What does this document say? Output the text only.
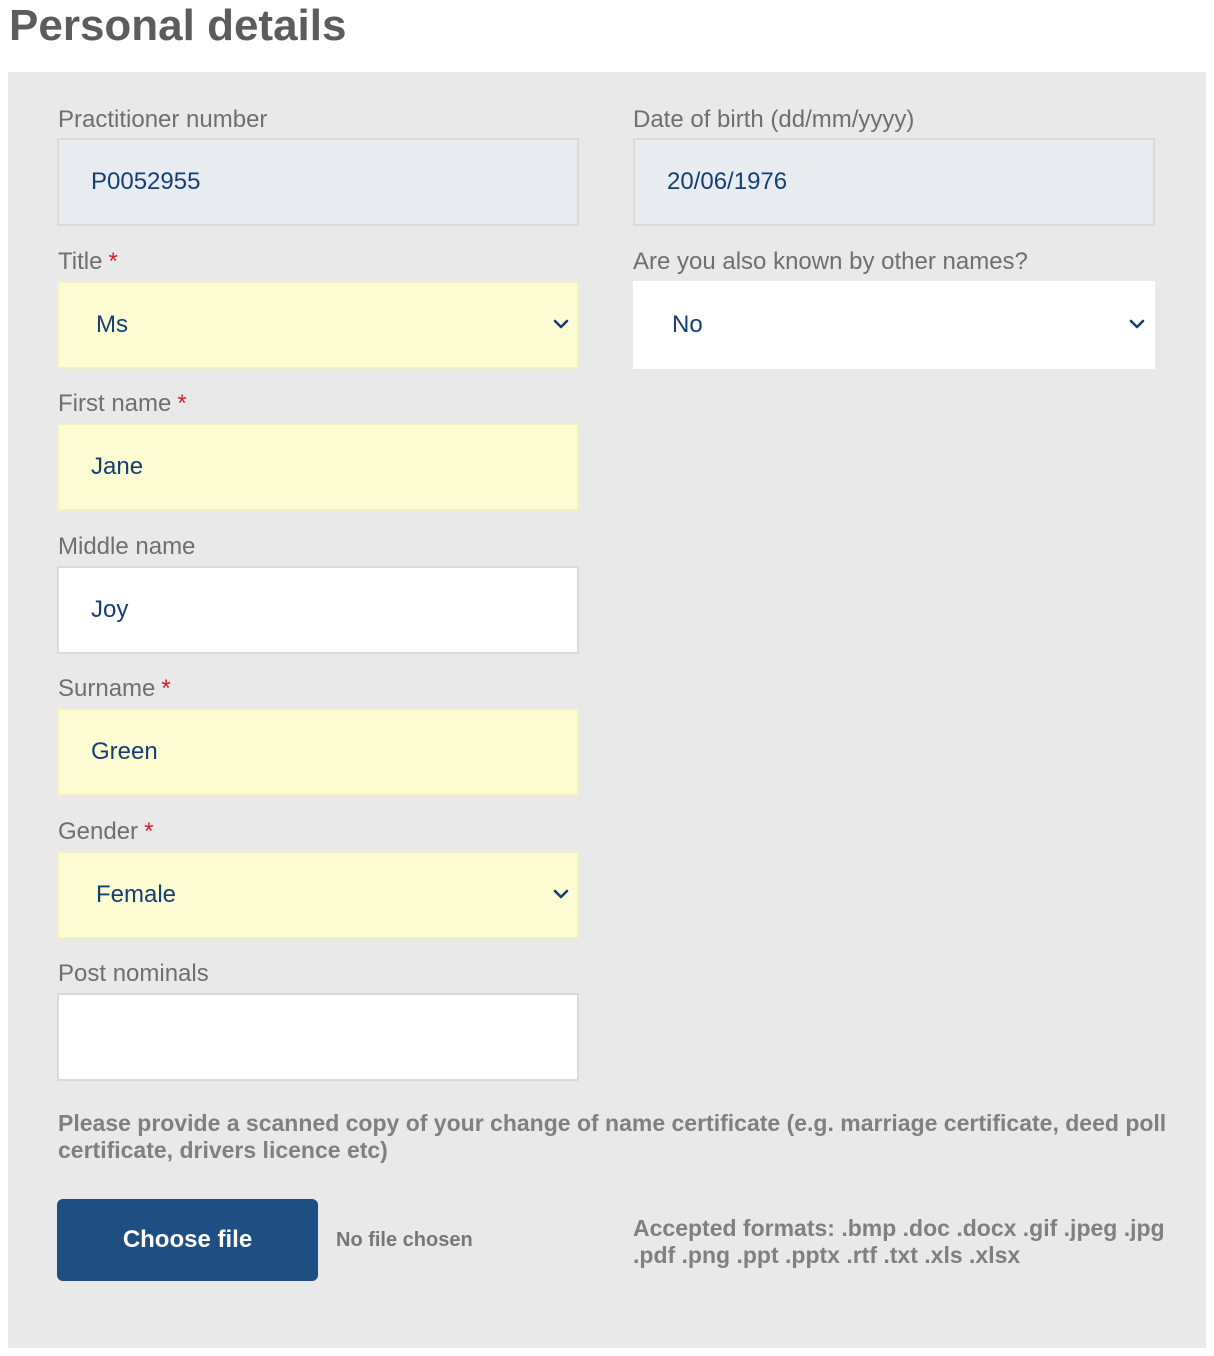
Personal details
Practitioner number
P0052955
Date of birth (dd/mm/yyyy)
20/06/1976
Title *
Ms
Are you also known by other names?
No
First name *
Jane
Middle name
Joy
Surname *
Green
Gender *
Female
Post nominals

Please provide a scanned copy of your change of name certificate (e.g. marriage certificate, deed poll certificate, drivers licence etc)

Choose file	No file chosen	Accepted formats: .bmp .doc .docx .gif .jpeg .jpg .pdf .png .ppt .pptx .rtf .txt .xls .xlsx
